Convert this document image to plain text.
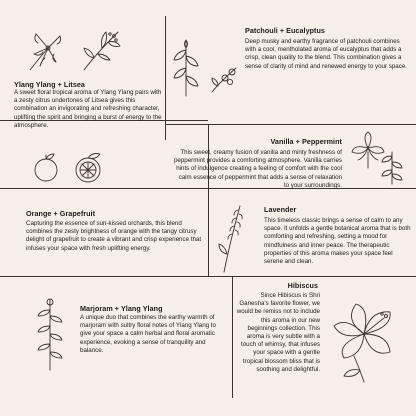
Ylang Ylang + Litsea
A sweet floral tropical aroma of Ylang Ylang pairs with a zesty citrus undertones of Litsea gives this combination an invigorating and refreshing character, uplifting the spirit and bringing a burst of energy to the atmosphere.
Patchouli + Eucalyptus
Deep musky and earthy fragrance of patchouli combines with a cool, mentholated aroma of eucalyptus that adds a crisp, clean quality to the blend. This combination gives a sense of clarity of mind and renewed energy to your space.
Vanilla + Peppermint
This sweet, creamy fusion of vanilla and minty freshness of peppermint provides a comforting atmosphere. Vanilla carries hints of indulgence creating a feeling of comfort with the cool calm essence of peppermint that adds a sense of relaxation to your surroundings.
Orange + Grapefruit
Capturing the essence of sun-kissed orchards, this blend combines the zesty brightness of orange with the tangy citrusy delight of grapefruit to create a vibrant and crisp experience that infuses your space with fresh uplifting energy.
Lavender
This timeless classic brings a sense of calm to any space. It unfolds a gentle botanical aroma that is both comforting and refreshing, setting a mood for mindfulness and inner peace. The therapeutic properties of this aroma makes your space feel serene and clean.
Marjoram + Ylang Ylang
A unique duo that combines the earthy warmth of marjoram with sultry floral notes of Ylang Ylang to give your space a calm herbal and floral aromatic experience, evoking a sense of tranquility and balance.
Hibiscus
Since Hibiscus is Shri Ganesha's favorite flower, we would be remiss not to include this aroma in our new beginnings collection. This aroma is very subtle with a touch of whimsy, that infuses your space with a gentle tropical blossom bliss that is soothing and delightful.
